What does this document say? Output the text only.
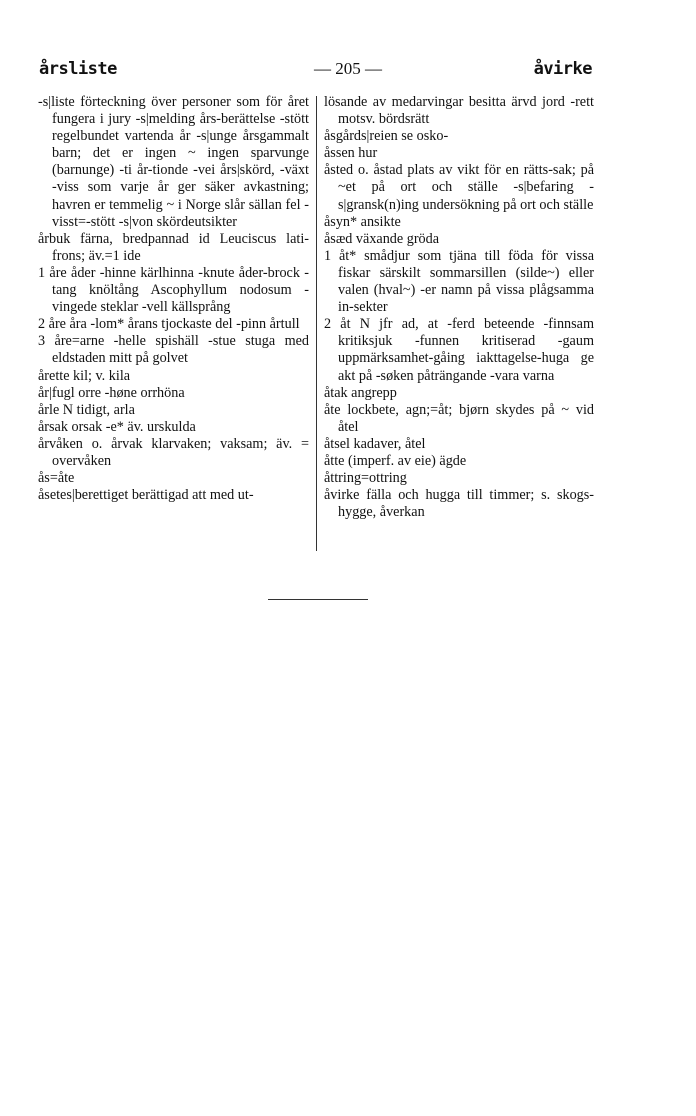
årsliste	— 205 —	åvirke

-s|liste förteckning över personer som för året fungera i jury -s|melding års-berättelse -stött regelbundet vartenda år -s|unge årsgammalt barn; det er ingen ~ ingen sparvunge (barnunge) -ti år-tionde -vei års|skörd, -växt -viss som varje år ger säker avkastning; havren er temmelig ~ i Norge slår sällan fel -visst=-stött -s|von skördeutsikter

årbuk färna, bredpannad id Leuciscus lati-frons; äv.=1 ide

1 åre åder -hinne kärlhinna -knute åder-brock -tang knöltång Ascophyllum nodosum -vingede steklar -vell källsprång

2 åre åra -lom* årans tjockaste del -pinn årtull

3 åre=arne -helle spishäll -stue stuga med eldstaden mitt på golvet

årette kil; v. kila

år|fugl orre -høne orrhöna

årle N tidigt, arla

årsak orsak -e* äv. urskulda

årvåken o. årvak klarvaken; vaksam; äv. = overvåken

ås=åte

åsetes|berettiget berättigad att med ut-

lösande av medarvingar besitta ärvd jord -rett motsv. bördsrätt

åsgårds|reien se osko-

åssen hur

åsted o. åstad plats av vikt för en rätts-sak; på ~et på ort och ställe -s|befaring -s|gransk(n)ing undersökning på ort och ställe

åsyn* ansikte

åsæd växande gröda

1 åt* smådjur som tjäna till föda för vissa fiskar särskilt sommarsillen (silde~) eller valen (hval~) -er namn på vissa plågsamma in-sekter

2 åt N jfr ad, at -ferd beteende -finnsam kritiksjuk -funnen kritiserad -gaum uppmärksamhet-gåing iakttagelse-huga ge akt på -søken påträngande -vara varna

åtak angrepp

åte lockbete, agn;=åt; bjørn skydes på ~ vid åtel

åtsel kadaver, åtel

åtte (imperf. av eie) ägde

åttring=ottring

åvirke fälla och hugga till timmer; s. skogs-hygge, åverkan
